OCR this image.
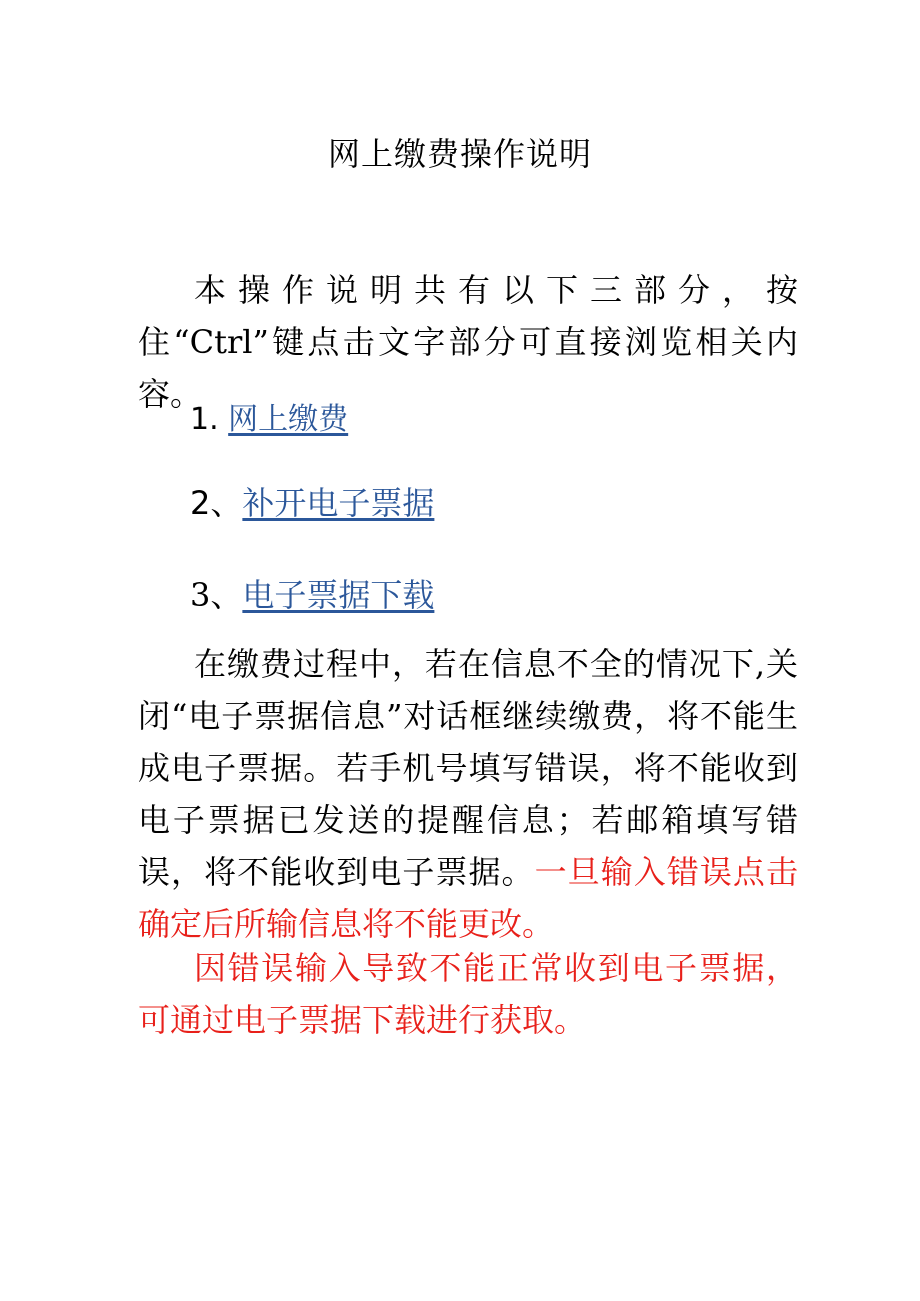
网上缴费操作说明

本操作说明共有以下三部分，按住“Ctrl”键点击文字部分可直接浏览相关内容。

1. 网上缴费

2、补开电子票据

3、电子票据下载

在缴费过程中，若在信息不全的情况下,关闭“电子票据信息”对话框继续缴费，将不能生成电子票据。若手机号填写错误，将不能收到电子票据已发送的提醒信息；若邮箱填写错误，将不能收到电子票据。一旦输入错误点击确定后所输信息将不能更改。

因错误输入导致不能正常收到电子票据，可通过电子票据下载进行获取。
